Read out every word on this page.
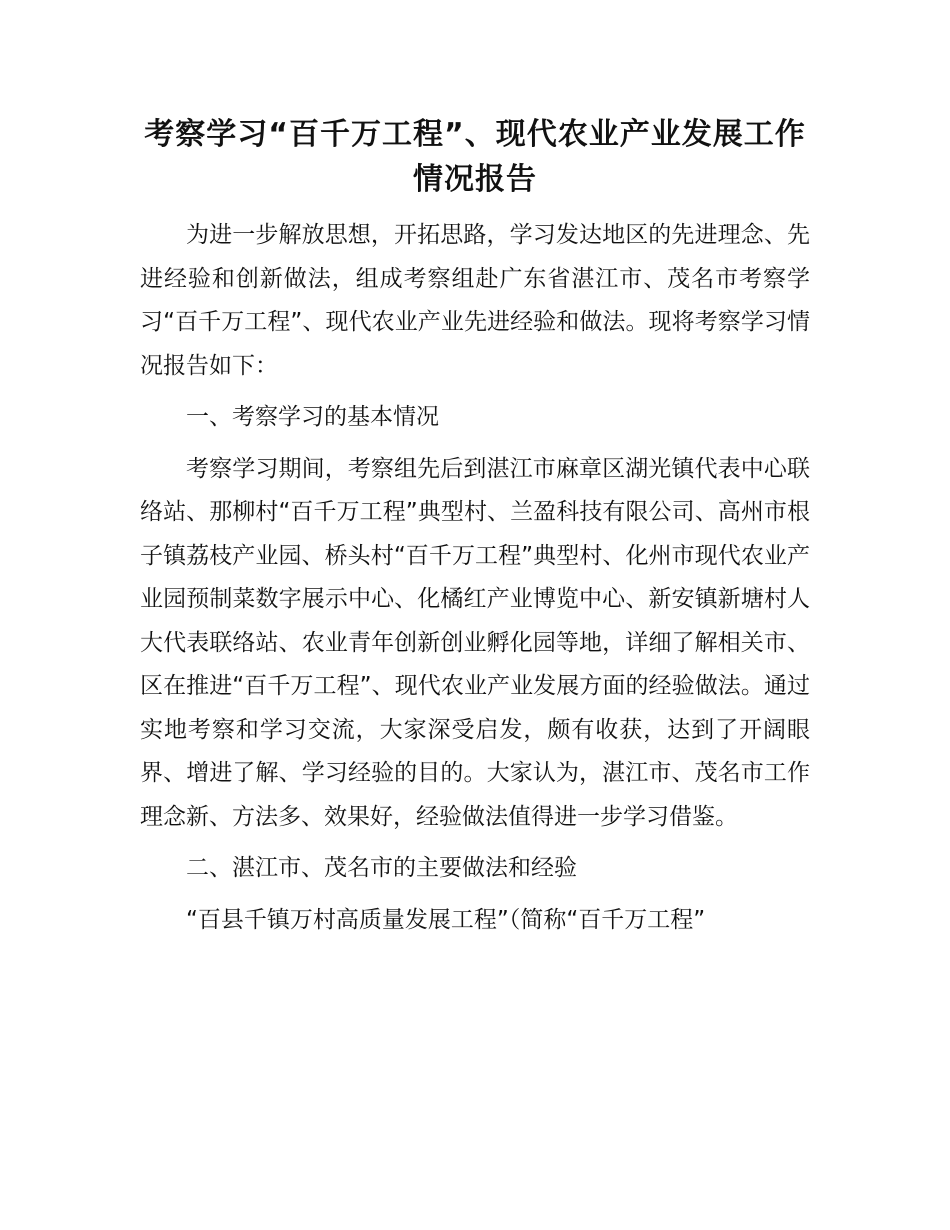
考察学习“百千万工程”、现代农业产业发展工作情况报告

为进一步解放思想，开拓思路，学习发达地区的先进理念、先进经验和创新做法，组成考察组赴广东省湛江市、茂名市考察学习“百千万工程”、现代农业产业先进经验和做法。现将考察学习情况报告如下：

一、考察学习的基本情况

考察学习期间，考察组先后到湛江市麻章区湖光镇代表中心联络站、那柳村“百千万工程”典型村、兰盈科技有限公司、高州市根子镇荔枝产业园、桥头村“百千万工程”典型村、化州市现代农业产业园预制菜数字展示中心、化橘红产业博览中心、新安镇新塘村人大代表联络站、农业青年创新创业孵化园等地，详细了解相关市、区在推进“百千万工程”、现代农业产业发展方面的经验做法。通过实地考察和学习交流，大家深受启发，颇有收获，达到了开阔眼界、增进了解、学习经验的目的。大家认为，湛江市、茂名市工作理念新、方法多、效果好，经验做法值得进一步学习借鉴。

二、湛江市、茂名市的主要做法和经验

“百县千镇万村高质量发展工程”（简称“百千万工程”
